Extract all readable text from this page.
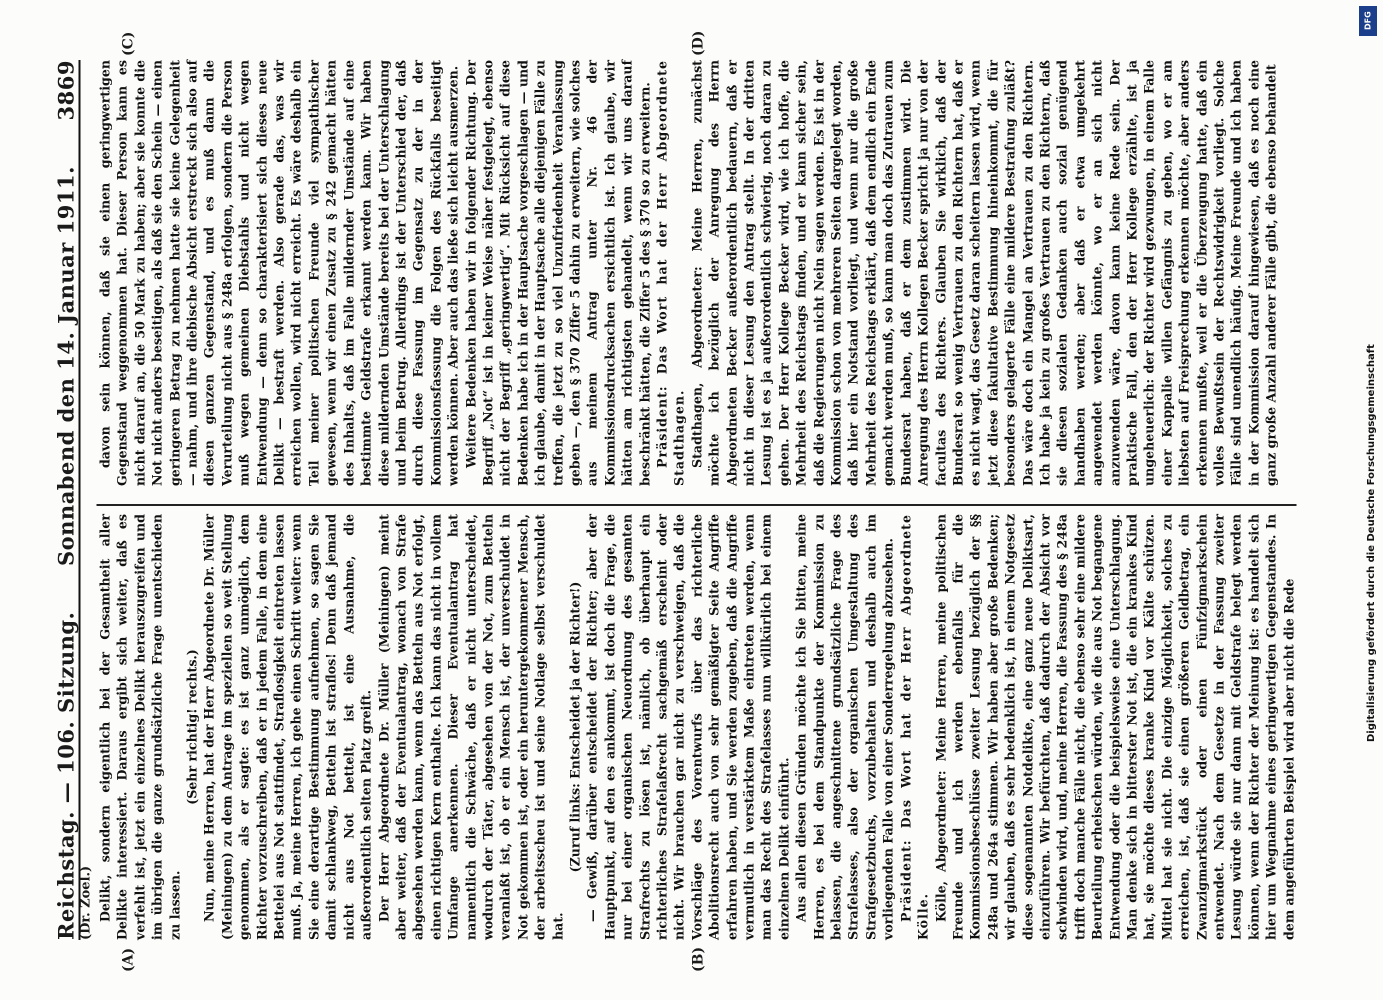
Reichstag. — 106. Sitzung.
Sonnabend den 14. Januar 1911.
3869
(Dr. Zoel.)
(A)	(B)
(C)	(D)

Delikt, sondern eigentlich bei der Gesamtheit aller Delikte interessiert. Daraus ergibt sich weiter, daß es verfehlt ist, jetzt ein einzelnes Delikt herauszugreifen und im übrigen die ganze grundsätzliche Frage unentschieden zu lassen.

(Sehr richtig! rechts.) Nun, meine Herren, hat der Herr Abgeordnete Dr. Müller (Meiningen) zu dem Antrage im speziellen so weit Stellung genommen, als er sagte: es ist ganz unmöglich, dem Richter vorzuschreiben, daß er in jedem Falle, in dem eine Bettelei aus Not stattfindet, Straflosigkeit eintreten lassen muß. Ja, meine Herren, ich gehe einen Schritt weiter: wenn Sie eine derartige Bestimmung aufnehmen, so sagen Sie damit schlankweg, Betteln ist straflos! Denn daß jemand nicht aus Not bettelt, ist eine Ausnahme, die außerordentlich selten Platz greift. Der Herr Abgeordnete Dr. Müller (Meiningen) meint aber weiter, daß der Eventualantrag, wonach von Strafe abgesehen werden kann, wenn das Betteln aus Not erfolgt, einen richtigen Kern enthalte. Ich kann das nicht in vollem Umfange anerkennen. Dieser Eventualantrag hat namentlich die Schwäche, daß er nicht unterscheidet, wodurch der Täter, abgesehen von der Not, zum Betteln veranlaßt ist, ob er ein Mensch ist, der unverschuldet in Not gekommen ist, oder ein heruntergekommener Mensch, der arbeitsscheu ist und seine Notlage selbst verschuldet hat.

(Zuruf links: Entscheidet ja der Richter!) — Gewiß, darüber entscheidet der Richter; aber der Hauptpunkt, auf den es ankommt, ist doch die Frage, die nur bei einer organischen Neuordnung des gesamten Strafrechts zu lösen ist, nämlich, ob überhaupt ein richterliches Strafelaßrecht sachgemäß erscheint oder nicht. Wir brauchen gar nicht zu verschweigen, daß die Vorschläge des Vorentwurfs über das richterliche Abolitionsrecht auch von sehr gemäßigter Seite Angriffe erfahren haben, und Sie werden zugeben, daß die Angriffe vermutlich in verstärktem Maße eintreten werden, wenn man das Recht des Strafelasses nun willkürlich bei einem einzelnen Delikt einführt. Aus allen diesen Gründen möchte ich Sie bitten, meine Herren, es bei dem Standpunkte der Kommission zu belassen, die angeschnittene grundsätzliche Frage des Strafelasses, also der organischen Umgestaltung des Strafgesetzbuchs, vorzubehalten und deshalb auch im vorliegenden Falle von einer Sonderregelung abzusehen. Präsident: Das Wort hat der Herr Abgeordnete Kölle. Kölle, Abgeordneter: Meine Herren, meine politischen Freunde und ich werden ebenfalls für die Kommissionsbeschlüsse zweiter Lesung bezüglich der §§ 248a und 264a stimmen. Wir haben aber große Bedenken; wir glauben, daß es sehr bedenklich ist, in einem Notgesetz diese sogenannten Notdelikte, eine ganz neue Deliktsart, einzuführen. Wir befürchten, daß dadurch der Absicht vor schwinden wird, und, meine Herren, die Fassung des § 248a trifft doch manche Fälle nicht, die ebenso sehr eine mildere Beurteilung erheischen würden, wie die aus Not begangene Entwendung oder die beispielsweise eine Unterschlagung. Man denke sich in bitterster Not ist, die ein krankes Kind hat, sie möchte dieses kranke Kind vor Kälte schützen. Mittel hat sie nicht. Die einzige Möglichkeit, solches zu erreichen, ist, daß sie einen größeren Geldbetrag, ein Zwanzigmarkstück oder einen Fünfzigmarkschein entwendet. Nach dem Gesetze in der Fassung zweiter Lesung würde sie nur dann mit Geldstrafe belegt werden können, wenn der Richter der Meinung ist: es handelt sich hier um Wegnahme eines geringwertigen Gegenstandes. In dem angeführten Beispiel wird aber nicht die Rede

davon sein können, daß sie einen geringwertigen Gegenstand weggenommen hat. Dieser Person kann es nicht darauf an, die 50 Mark zu haben; aber sie konnte die Not nicht anders beseitigen, als daß sie den Schein — einen geringeren Betrag zu nehmen hatte sie keine Gelegenheit — nahm, und ihre diebische Absicht erstreckt sich also auf diesen ganzen Gegenstand, und es muß dann die Verurteilung nicht aus § 248a erfolgen, sondern die Person muß wegen gemeinen Diebstahls und nicht wegen Entwendung — denn so charakterisiert sich dieses neue Delikt — bestraft werden. Also gerade das, was wir erreichen wollen, wird nicht erreicht. Es wäre deshalb ein Teil meiner politischen Freunde viel sympathischer gewesen, wenn wir einen Zusatz zu § 242 gemacht hätten des Inhalts, daß im Falle mildernder Umstände auf eine bestimmte Geldstrafe erkannt werden kann. Wir haben diese mildernden Umstände bereits bei der Unterschlagung und beim Betrug. Allerdings ist der Unterschied der, daß durch diese Fassung im Gegensatz zu der in der Kommissionsfassung die Folgen des Rückfalls beseitigt werden können. Aber auch das ließe sich leicht ausmerzen. Weitere Bedenken haben wir in folgender Richtung. Der Begriff „Not“ ist in keiner Weise näher festgelegt, ebenso nicht der Begriff „geringwertig“. Mit Rücksicht auf diese Bedenken habe ich in der Hauptsache vorgeschlagen — und ich glaube, damit in der Hauptsache alle diejenigen Fälle zu treffen, die jetzt zu so viel Unzufriedenheit Veranlassung geben —, den § 370 Ziffer 5 dahin zu erweitern, wie solches aus meinem Antrag unter Nr. 46 der Kommissionsdrucksachen ersichtlich ist. Ich glaube, wir hätten am richtigsten gehandelt, wenn wir uns darauf beschränkt hätten, die Ziffer 5 des § 370 so zu erweitern. Präsident: Das Wort hat der Herr Abgeordnete Stadthagen. Stadthagen, Abgeordneter: Meine Herren, zunächst möchte ich bezüglich der Anregung des Herrn Abgeordneten Becker außerordentlich bedauern, daß er nicht in dieser Lesung den Antrag stellt. In der dritten Lesung ist es ja außerordentlich schwierig, noch daran zu gehen. Der Herr Kollege Becker wird, wie ich hoffe, die Mehrheit des Reichstags finden, und er kann sicher sein, daß die Regierungen nicht Nein sagen werden. Es ist in der Kommission schon von mehreren Seiten dargelegt worden, daß hier ein Notstand vorliegt, und wenn nur die große Mehrheit des Reichstags erklärt, daß dem endlich ein Ende gemacht werden muß, so kann man doch das Zutrauen zum Bundesrat haben, daß er dem zustimmen wird. Die Anregung des Herrn Kollegen Becker spricht ja nur von der facultas des Richters. Glauben Sie wirklich, daß der Bundesrat so wenig Vertrauen zu den Richtern hat, daß er es nicht wagt, das Gesetz daran scheitern lassen wird, wenn jetzt diese fakultative Bestimmung hineinkommt, die für besonders gelagerte Fälle eine mildere Bestrafung zuläßt? Das wäre doch ein Mangel an Vertrauen zu den Richtern. Ich habe ja kein zu großes Vertrauen zu den Richtern, daß sie diesen sozialen Gedanken auch sozial genügend handhaben werden; aber daß er etwa umgekehrt angewendet werden könnte, wo er an sich nicht anzuwenden wäre, davon kann keine Rede sein. Der praktische Fall, den der Herr Kollege erzählte, ist ja ungeheuerlich: der Richter wird gezwungen, in einem Falle einer Kappalie willen Gefängnis zu geben, wo er am liebsten auf Freisprechung erkennen möchte, aber anders erkennen mußte, weil er die Überzeugung hatte, daß ein volles Bewußtsein der Rechtswidrigkeit vorliegt. Solche Fälle sind unendlich häufig. Meine Freunde und ich haben in der Kommission darauf hingewiesen, daß es noch eine ganz große Anzahl anderer Fälle gibt, die ebenso behandelt

DFG
Digitalisierung gefördert durch die Deutsche Forschungsgemeinschaft
